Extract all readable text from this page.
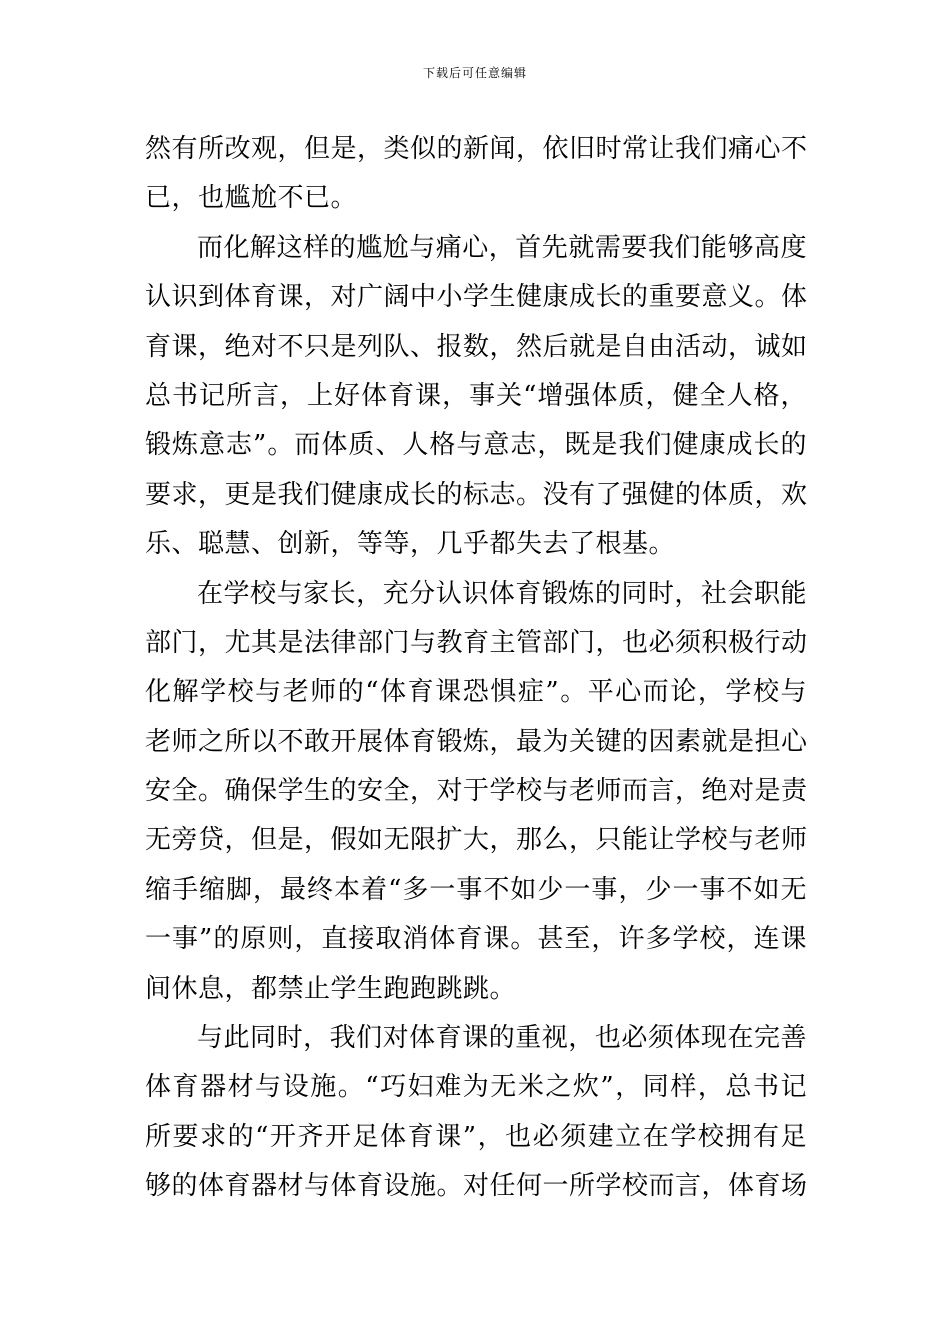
下载后可任意编辑
然有所改观，但是，类似的新闻，依旧时常让我们痛心不
已，也尴尬不已。
而化解这样的尴尬与痛心，首先就需要我们能够高度
认识到体育课，对广阔中小学生健康成长的重要意义。体
育课，绝对不只是列队、报数，然后就是自由活动，诚如
总书记所言，上好体育课，事关“增强体质，健全人格，
锻炼意志”。而体质、人格与意志，既是我们健康成长的
要求，更是我们健康成长的标志。没有了强健的体质，欢
乐、聪慧、创新，等等，几乎都失去了根基。
在学校与家长，充分认识体育锻炼的同时，社会职能
部门，尤其是法律部门与教育主管部门，也必须积极行动
化解学校与老师的“体育课恐惧症”。平心而论，学校与
老师之所以不敢开展体育锻炼，最为关键的因素就是担心
安全。确保学生的安全，对于学校与老师而言，绝对是责
无旁贷，但是，假如无限扩大，那么，只能让学校与老师
缩手缩脚，最终本着“多一事不如少一事，少一事不如无
一事”的原则，直接取消体育课。甚至，许多学校，连课
间休息，都禁止学生跑跑跳跳。
与此同时，我们对体育课的重视，也必须体现在完善
体育器材与设施。“巧妇难为无米之炊”，同样，总书记
所要求的“开齐开足体育课”，也必须建立在学校拥有足
够的体育器材与体育设施。对任何一所学校而言，体育场
